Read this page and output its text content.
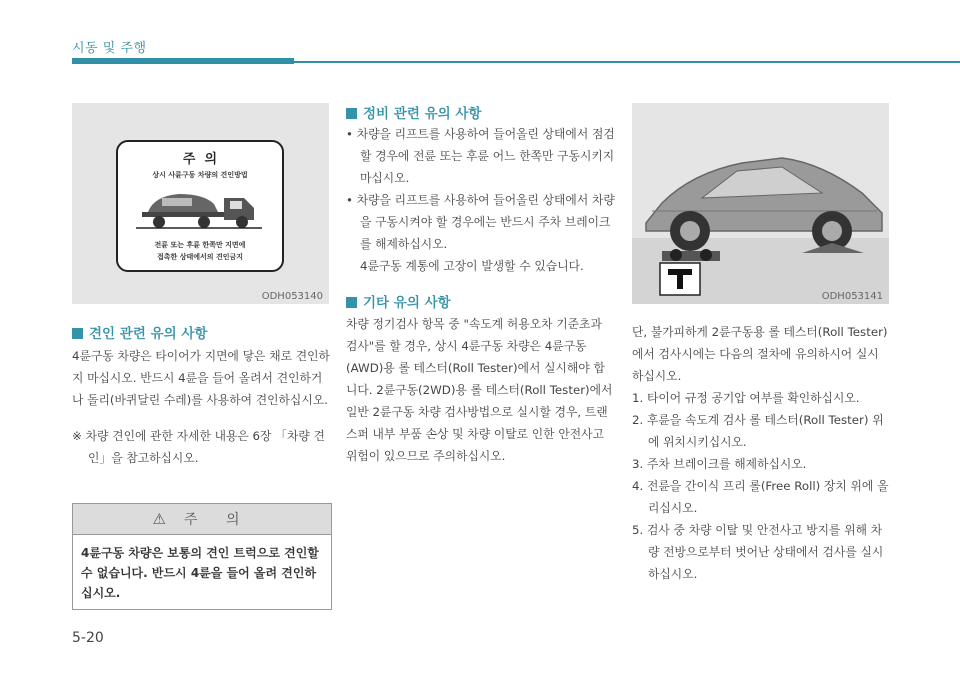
시동 및 주행
주  의
상시 사륜구동 차량의 견인방법
전륜 또는 후륜 한쪽만 지면에
접촉한 상태에서의 견인금지
ODH053140
견인 관련 유의 사항

4륜구동 차량은 타이어가 지면에 닿은 채로 견인하지 마십시오. 반드시 4륜을 들어 올려서 견인하거나 돌리(바퀴달린 수레)를 사용하여 견인하십시오.

※ 차량 견인에 관한 자세한 내용은 6장 「차량 견인」을 참고하십시오.

⚠ 주 의
4륜구동 차량은 보통의 견인 트럭으로 견인할 수 없습니다. 반드시 4륜을 들어 올려 견인하십시오.
정비 관련 유의 사항

• 차량을 리프트를 사용하여 들어올린 상태에서 점검할 경우에 전륜 또는 후륜 어느 한쪽만 구동시키지 마십시오.

• 차량을 리프트를 사용하여 들어올린 상태에서 차량을 구동시켜야 할 경우에는 반드시 주차 브레이크를 해제하십시오.

4륜구동 계통에 고장이 발생할 수 있습니다.

기타 유의 사항

차량 정기검사 항목 중 "속도계 허용오차 기준초과 검사"를 할 경우, 상시 4륜구동 차량은 4륜구동(AWD)용 롤 테스터(Roll Tester)에서 실시해야 합니다. 2륜구동(2WD)용 롤 테스터(Roll Tester)에서 일반 2륜구동 차량 검사방법으로 실시할 경우, 트랜스퍼 내부 부품 손상 및 차량 이탈로 인한 안전사고 위험이 있으므로 주의하십시오.

ODH053141

단, 불가피하게 2륜구동용 롤 테스터(Roll Tester) 에서 검사시에는 다음의 절차에 유의하시어 실시 하십시오.

1. 타이어 규정 공기압 여부를 확인하십시오.

2. 후륜을 속도계 검사 롤 테스터(Roll Tester) 위에 위치시키십시오.

3. 주차 브레이크를 해제하십시오.

4. 전륜을 간이식 프리 롤(Free Roll) 장치 위에 올리십시오.

5. 검사 중 차량 이탈 및 안전사고 방지를 위해 차량 전방으로부터 벗어난 상태에서 검사를 실시하십시오.

5-20
